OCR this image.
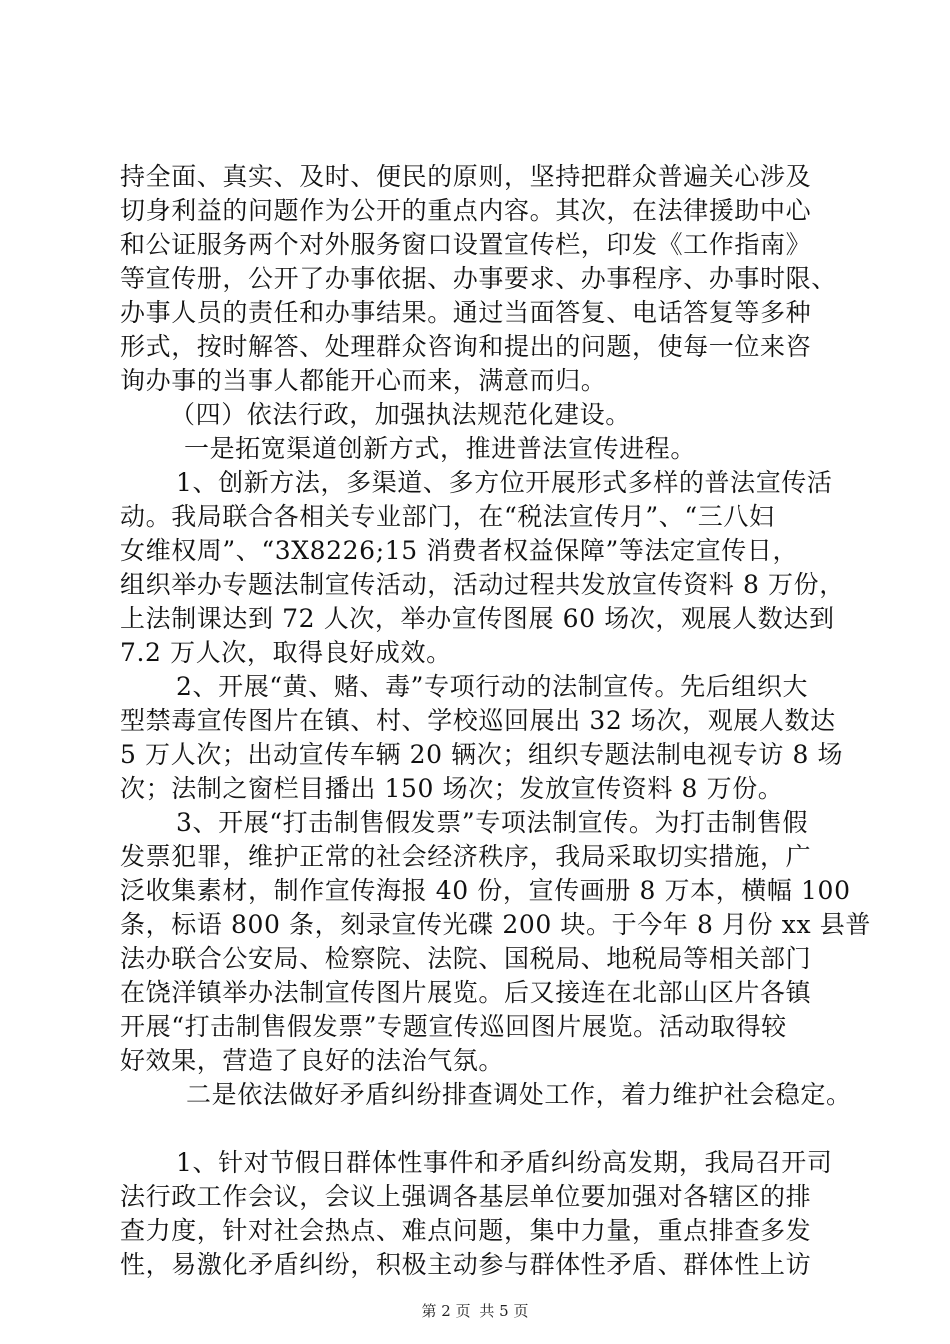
持全面、真实、及时、便民的原则，坚持把群众普遍关心涉及
切身利益的问题作为公开的重点内容。其次，在法律援助中心
和公证服务两个对外服务窗口设置宣传栏，印发《工作指南》
等宣传册，公开了办事依据、办事要求、办事程序、办事时限、
办事人员的责任和办事结果。通过当面答复、电话答复等多种
形式，按时解答、处理群众咨询和提出的问题，使每一位来咨
询办事的当事人都能开心而来，满意而归。
（四）依法行政，加强执法规范化建设。
一是拓宽渠道创新方式，推进普法宣传进程。
1、创新方法，多渠道、多方位开展形式多样的普法宣传活
动。我局联合各相关专业部门，在“税法宣传月”、“三八妇
女维权周”、“3X8226;15 消费者权益保障”等法定宣传日，
组织举办专题法制宣传活动，活动过程共发放宣传资料 8 万份，
上法制课达到 72 人次，举办宣传图展 60 场次，观展人数达到
7.2 万人次，取得良好成效。
2、开展“黄、赌、毒”专项行动的法制宣传。先后组织大
型禁毒宣传图片在镇、村、学校巡回展出 32 场次，观展人数达
5 万人次；出动宣传车辆 20 辆次；组织专题法制电视专访 8 场
次；法制之窗栏目播出 150 场次；发放宣传资料 8 万份。
3、开展“打击制售假发票”专项法制宣传。为打击制售假
发票犯罪，维护正常的社会经济秩序，我局采取切实措施，广
泛收集素材，制作宣传海报 40 份，宣传画册 8 万本，横幅 100
条，标语 800 条，刻录宣传光碟 200 块。于今年 8 月份 xx 县普
法办联合公安局、检察院、法院、国税局、地税局等相关部门
在饶洋镇举办法制宣传图片展览。后又接连在北部山区片各镇
开展“打击制售假发票”专题宣传巡回图片展览。活动取得较
好效果，营造了良好的法治气氛。
二是依法做好矛盾纠纷排查调处工作，着力维护社会稳定。
1、针对节假日群体性事件和矛盾纠纷高发期，我局召开司
法行政工作会议，会议上强调各基层单位要加强对各辖区的排
查力度，针对社会热点、难点问题，集中力量，重点排查多发
性，易激化矛盾纠纷，积极主动参与群体性矛盾、群体性上访
第 2 页 共 5 页
